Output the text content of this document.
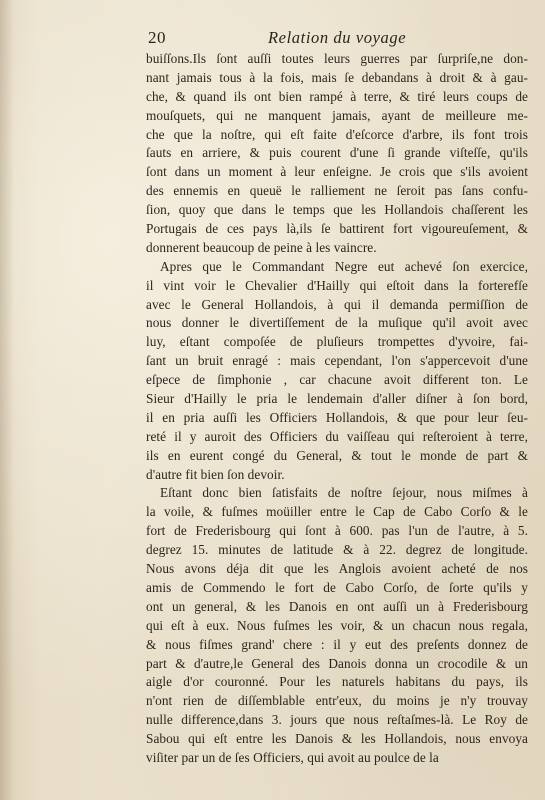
20	Relation du voyage
buiſſons.Ils ſont auſſi toutes leurs guerres par ſurpriſe,ne don-
nant jamais tous à la fois, mais ſe debandans à droit & à gau-
che, & quand ils ont bien rampé à terre, & tiré leurs coups de
mouſquets, qui ne manquent jamais, ayant de meilleure me-
che que la noſtre, qui eſt faite d'eſcorce d'arbre, ils font trois
ſauts en arriere, & puis courent d'une ſi grande viſteſſe, qu'ils
ſont dans un moment à leur enſeigne. Je crois que s'ils avoient
des ennemis en queuë le ralliement ne ſeroit pas ſans confu-
ſion, quoy que dans le temps que les Hollandois chaſſerent les
Portugais de ces pays là,ils ſe battirent fort vigoureuſement, &
donnerent beaucoup de peine à les vaincre.
Apres que le Commandant Negre eut achevé ſon exercice,
il vint voir le Chevalier d'Hailly qui eſtoit dans la forterefſe
avec le General Hollandois, à qui il demanda permiſſion de
nous donner le divertiſſement de la muſique qu'il avoit avec
luy, eſtant compoſée de pluſieurs trompettes d'yvoire, fai-
ſant un bruit enragé : mais cependant, l'on s'appercevoit d'une
eſpece de ſimphonie , car chacune avoit different ton. Le
Sieur d'Hailly le pria le lendemain d'aller diſner à ſon bord,
il en pria auſſi les Officiers Hollandois, & que pour leur ſeu-
reté il y auroit des Officiers du vaiſſeau qui reſteroient à terre,
ils en eurent congé du General, & tout le monde de part &
d'autre fit bien ſon devoir.
Eſtant donc bien ſatisfaits de noſtre ſejour, nous miſmes à
la voile, & fuſmes moüiller entre le Cap de Cabo Corſo & le
fort de Frederisbourg qui ſont à 600. pas l'un de l'autre, à 5.
degrez 15. minutes de latitude & à 22. degrez de longitude.
Nous avons déja dit que les Anglois avoient acheté de nos
amis de Commendo le fort de Cabo Corſo, de ſorte qu'ils y
ont un general, & les Danois en ont auſſi un à Frederisbourg
qui eſt à eux. Nous fuſmes les voir, & un chacun nous regala,
& nous fiſmes grand' chere : il y eut des preſents donnez de
part & d'autre,le General des Danois donna un crocodile & un
aigle d'or couronné. Pour les naturels habitans du pays, ils
n'ont rien de diſſemblable entr'eux, du moins je n'y trouvay
nulle difference,dans 3. jours que nous reſtaſmes-là. Le Roy de
Sabou qui eſt entre les Danois & les Hollandois, nous envoya
viſiter par un de ſes Officiers, qui avoit au poulce de la
